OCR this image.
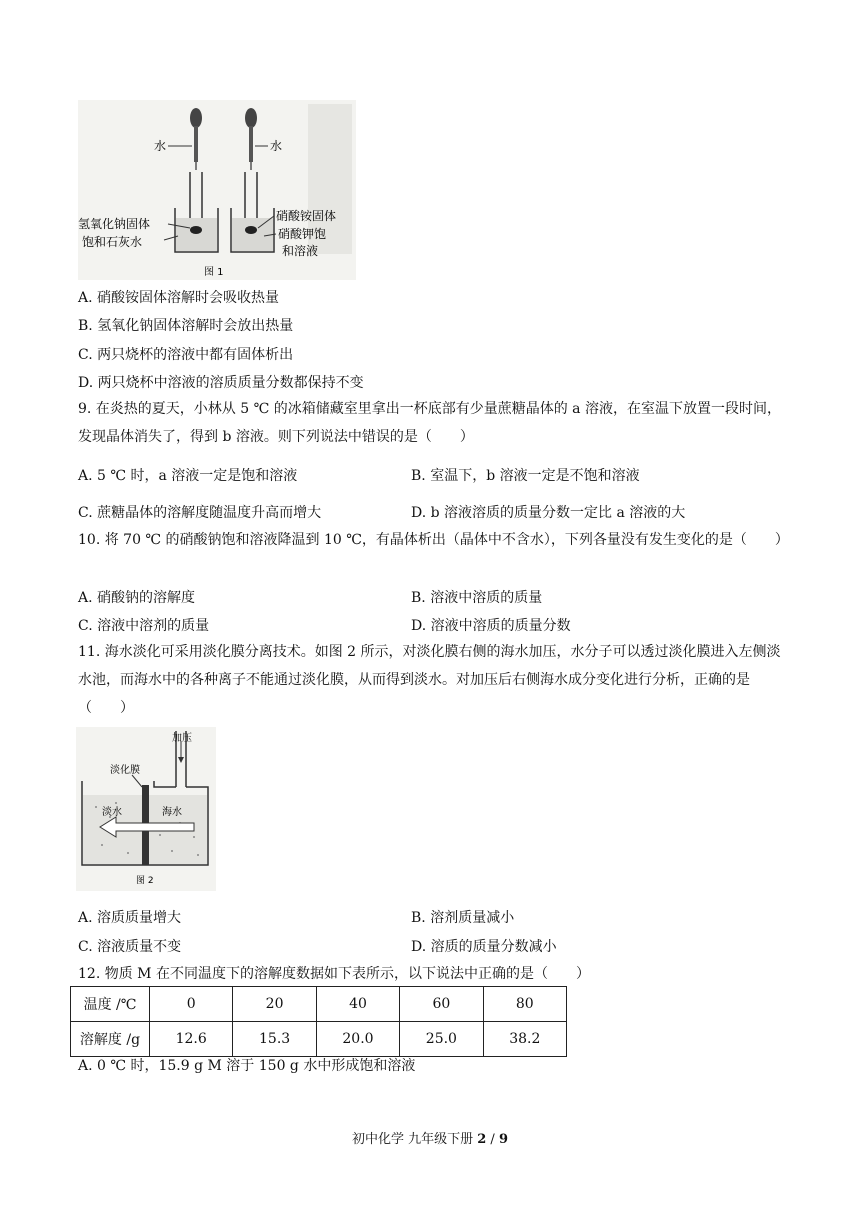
水	水
氢氧化钠固体
饱和石灰水
硝酸铵固体
硝酸钾饱
和溶液
图 1
A. 硝酸铵固体溶解时会吸收热量
B. 氢氧化钠固体溶解时会放出热量
C. 两只烧杯的溶液中都有固体析出
D. 两只烧杯中溶液的溶质质量分数都保持不变
9. 在炎热的夏天，小林从 5 ℃ 的冰箱储藏室里拿出一杯底部有少量蔗糖晶体的 a 溶液，在室温下放置一段时间，发现晶体消失了，得到 b 溶液。则下列说法中错误的是（　　）
A. 5 ℃ 时，a 溶液一定是饱和溶液	B. 室温下，b 溶液一定是不饱和溶液
C. 蔗糖晶体的溶解度随温度升高而增大	D. b 溶液溶质的质量分数一定比 a 溶液的大
10. 将 70 ℃ 的硝酸钠饱和溶液降温到 10 ℃，有晶体析出（晶体中不含水），下列各量没有发生变化的是（　　）
A. 硝酸钠的溶解度	B. 溶液中溶质的质量
C. 溶液中溶剂的质量	D. 溶液中溶质的质量分数
11. 海水淡化可采用淡化膜分离技术。如图 2 所示，对淡化膜右侧的海水加压，水分子可以透过淡化膜进入左侧淡水池，而海水中的各种离子不能通过淡化膜，从而得到淡水。对加压后右侧海水成分变化进行分析，正确的是（　　）
加压
淡化膜
淡水	海水
图 2
A. 溶质质量增大	B. 溶剂质量减小
C. 溶液质量不变	D. 溶质的质量分数减小
12. 物质 M 在不同温度下的溶解度数据如下表所示，以下说法中正确的是（　　）
温度 /℃	0	20	40	60	80
溶解度 /g	12.6	15.3	20.0	25.0	38.2
A. 0 ℃ 时，15.9 g M 溶于 150 g 水中形成饱和溶液
初中化学 九年级下册 2 / 9
